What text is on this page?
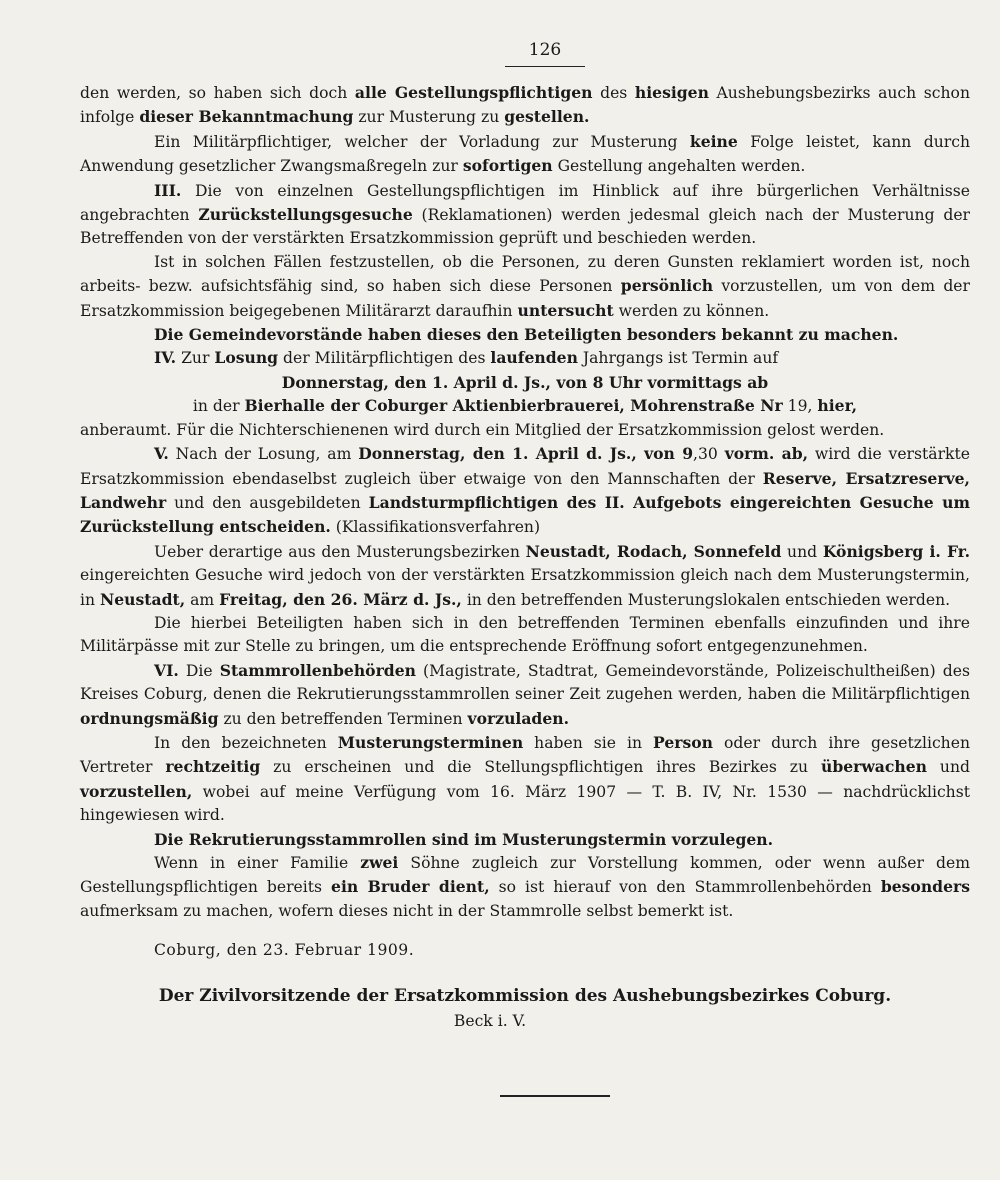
126

den werden, so haben sich doch alle Gestellungspflichtigen des hiesigen Aushebungsbezirks auch schon infolge dieser Bekanntmachung zur Musterung zu gestellen.

Ein Militärpflichtiger, welcher der Vorladung zur Musterung keine Folge leistet, kann durch Anwendung gesetzlicher Zwangsmaßregeln zur sofortigen Gestellung angehalten werden.

III. Die von einzelnen Gestellungspflichtigen im Hinblick auf ihre bürgerlichen Verhältnisse angebrachten Zurückstellungsgesuche (Reklamationen) werden jedesmal gleich nach der Musterung der Betreffenden von der verstärkten Ersatzkommission geprüft und beschieden werden.

Ist in solchen Fällen festzustellen, ob die Personen, zu deren Gunsten reklamiert worden ist, noch arbeits- bezw. aufsichtsfähig sind, so haben sich diese Personen persönlich vorzustellen, um von dem der Ersatzkommission beigegebenen Militärarzt daraufhin untersucht werden zu können.

Die Gemeindevorstände haben dieses den Beteiligten besonders bekannt zu machen.

IV. Zur Losung der Militärpflichtigen des laufenden Jahrgangs ist Termin auf

Donnerstag, den 1. April d. Js., von 8 Uhr vormittags ab

in der Bierhalle der Coburger Aktienbierbrauerei, Mohrenstraße Nr 19, hier,

anberaumt. Für die Nichterschienenen wird durch ein Mitglied der Ersatzkommission gelost werden.

V. Nach der Losung, am Donnerstag, den 1. April d. Js., von 9,30 vorm. ab, wird die verstärkte Ersatzkommission ebendaselbst zugleich über etwaige von den Mannschaften der Reserve, Ersatzreserve, Landwehr und den ausgebildeten Landsturmpflichtigen des II. Aufgebots eingereichten Gesuche um Zurückstellung entscheiden. (Klassifikationsverfahren)

Ueber derartige aus den Musterungsbezirken Neustadt, Rodach, Sonnefeld und Königsberg i. Fr. eingereichten Gesuche wird jedoch von der verstärkten Ersatzkommission gleich nach dem Musterungstermin, in Neustadt, am Freitag, den 26. März d. Js., in den betreffenden Musterungslokalen entschieden werden.

Die hierbei Beteiligten haben sich in den betreffenden Terminen ebenfalls einzufinden und ihre Militärpässe mit zur Stelle zu bringen, um die entsprechende Eröffnung sofort entgegenzunehmen.

VI. Die Stammrollenbehörden (Magistrate, Stadtrat, Gemeindevorstände, Polizeischultheißen) des Kreises Coburg, denen die Rekrutierungsstammrollen seiner Zeit zugehen werden, haben die Militärpflichtigen ordnungsmäßig zu den betreffenden Terminen vorzuladen.

In den bezeichneten Musterungsterminen haben sie in Person oder durch ihre gesetzlichen Vertreter rechtzeitig zu erscheinen und die Stellungspflichtigen ihres Bezirkes zu überwachen und vorzustellen, wobei auf meine Verfügung vom 16. März 1907 — T. B. IV, Nr. 1530 — nachdrücklichst hingewiesen wird.

Die Rekrutierungsstammrollen sind im Musterungstermin vorzulegen.

Wenn in einer Familie zwei Söhne zugleich zur Vorstellung kommen, oder wenn außer dem Gestellungspflichtigen bereits ein Bruder dient, so ist hierauf von den Stammrollenbehörden besonders aufmerksam zu machen, wofern dieses nicht in der Stammrolle selbst bemerkt ist.

Coburg, den 23. Februar 1909.

Der Zivilvorsitzende der Ersatzkommission des Aushebungsbezirkes Coburg.

Beck i. V.
